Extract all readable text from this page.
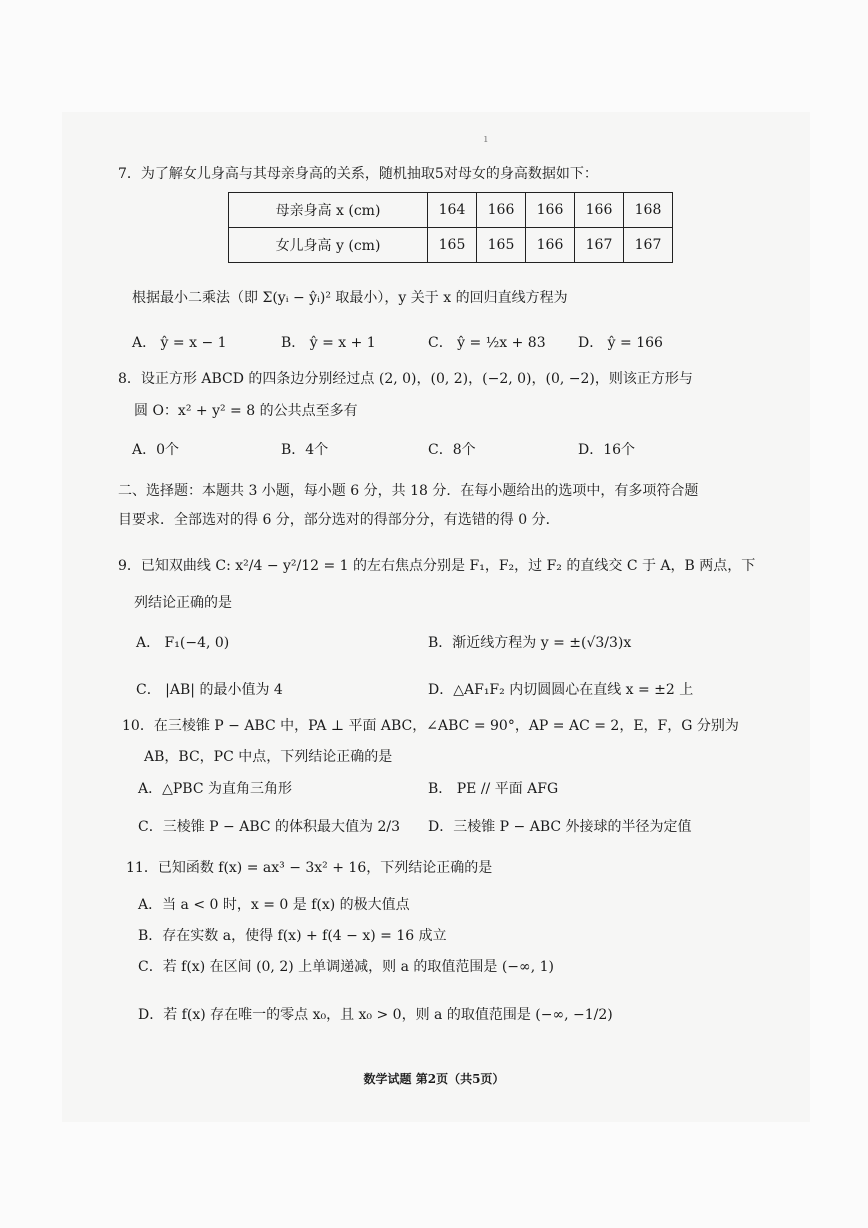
ı
7．为了解女儿身高与其母亲身高的关系，随机抽取5对母女的身高数据如下：
母亲身高 x (cm)	164	166	166	166	168
女儿身高 y (cm)	165	165	166	167	167
根据最小二乘法（即 Σ(yᵢ − ŷᵢ)² 取最小），y 关于 x 的回归直线方程为
A． ŷ = x − 1	B． ŷ = x + 1	C． ŷ = ½x + 83 D． ŷ = 166
8．设正方形 ABCD 的四条边分别经过点 (2, 0)，(0, 2)，(−2, 0)，(0, −2)，则该正方形与
圆 O：x² + y² = 8 的公共点至多有
A．0个	B．4个	C．8个	D．16个
二、选择题：本题共 3 小题，每小题 6 分，共 18 分．在每小题给出的选项中，有多项符合题
目要求．全部选对的得 6 分，部分选对的得部分分，有选错的得 0 分．
9．已知双曲线 C: x²/4 − y²/12 = 1 的左右焦点分别是 F₁，F₂，过 F₂ 的直线交 C 于 A，B 两点，下
列结论正确的是
A． F₁(−4, 0)	B．渐近线方程为 y = ±(√3/3)x
C． |AB| 的最小值为 4	D．△AF₁F₂ 内切圆圆心在直线 x = ±2 上
10．在三棱锥 P − ABC 中，PA ⊥ 平面 ABC，∠ABC = 90°，AP = AC = 2，E，F，G 分别为
AB，BC，PC 中点，下列结论正确的是
A．△PBC 为直角三角形	B． PE // 平面 AFG
C．三棱锥 P − ABC 的体积最大值为 2/3 D．三棱锥 P − ABC 外接球的半径为定值
11．已知函数 f(x) = ax³ − 3x² + 16，下列结论正确的是
A．当 a < 0 时，x = 0 是 f(x) 的极大值点
B．存在实数 a，使得 f(x) + f(4 − x) = 16 成立
C．若 f(x) 在区间 (0, 2) 上单调递减，则 a 的取值范围是 (−∞, 1)
D．若 f(x) 存在唯一的零点 x₀，且 x₀ > 0，则 a 的取值范围是 (−∞, −1/2)
数学试题 第2页（共5页）
